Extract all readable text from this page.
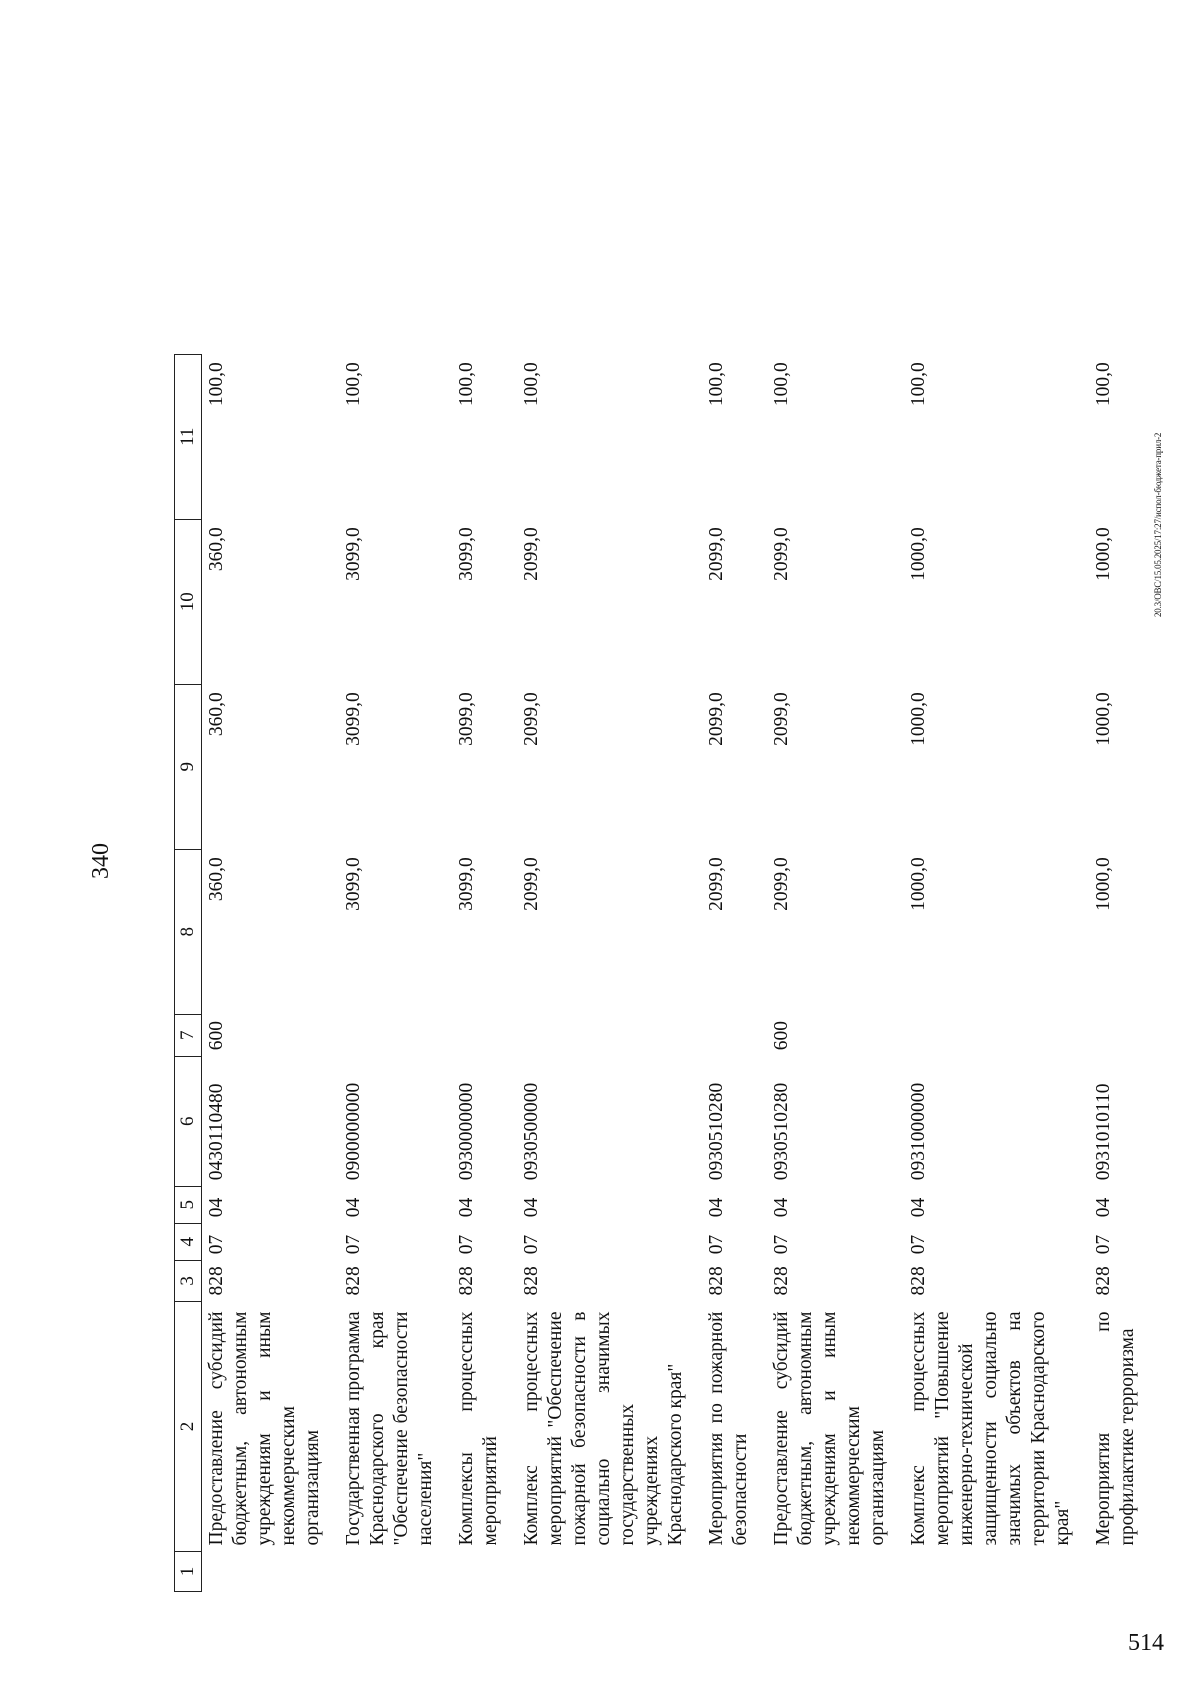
340
1	2	3	4	5	6	7	8	9	10	11
	Предоставление субсидий бюджетным, автономным учреждениям и иным некоммерческим организациям	828	07	04	0430110480	600	360,0	360,0	360,0	100,0

	Государственная программа Краснодарского края "Обеспечение безопасности населения"	828	07	04	0900000000		3099,0	3099,0	3099,0	100,0

	Комплексы процессных мероприятий	828	07	04	0930000000		3099,0	3099,0	3099,0	100,0

	Комплекс процессных мероприятий "Обеспечение пожарной безопасности в социально значимых государственных учреждениях Краснодарского края"	828	07	04	0930500000		2099,0	2099,0	2099,0	100,0

	Мероприятия по пожарной безопасности	828	07	04	0930510280		2099,0	2099,0	2099,0	100,0

	Предоставление субсидий бюджетным, автономным учреждениям и иным некоммерческим организациям	828	07	04	0930510280	600	2099,0	2099,0	2099,0	100,0

	Комплекс процессных мероприятий "Повышение инженерно-технической защищенности социально значимых объектов на территории Краснодарского края"	828	07	04	0931000000		1000,0	1000,0	1000,0	100,0

	Мероприятия по профилактике терроризма	828	07	04	0931010110		1000,0	1000,0	1000,0	100,0
20.3/ОВС/15.05.2025/17:27/испол-бюджета-прил-2
514
